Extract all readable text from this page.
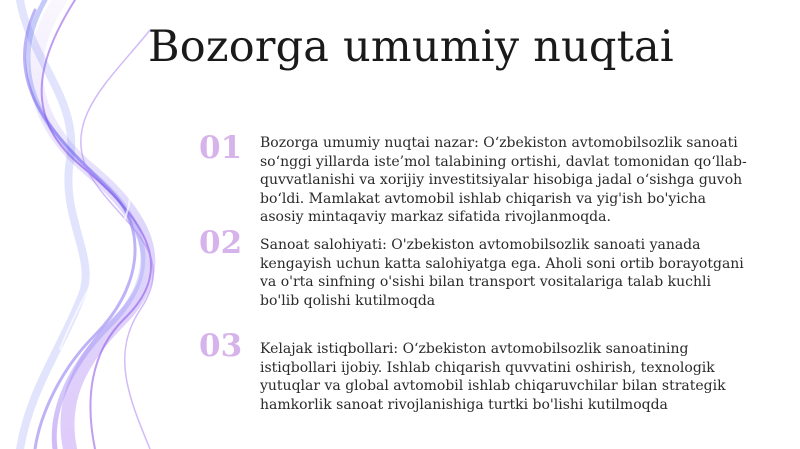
Bozorga umumiy nuqtai
01 Bozorga umumiy nuqtai nazar: O‘zbekiston avtomobilsozlik sanoati so‘nggi yillarda iste’mol talabining ortishi, davlat tomonidan qo‘llab-quvvatlanishi va xorijiy investitsiyalar hisobiga jadal o‘sishga guvoh bo‘ldi. Mamlakat avtomobil ishlab chiqarish va yig'ish bo'yicha asosiy mintaqaviy markaz sifatida rivojlanmoqda.
02 Sanoat salohiyati: O'zbekiston avtomobilsozlik sanoati yanada kengayish uchun katta salohiyatga ega. Aholi soni ortib borayotgani va o'rta sinfning o'sishi bilan transport vositalariga talab kuchli bo'lib qolishi kutilmoqda
03 Kelajak istiqbollari: O‘zbekiston avtomobilsozlik sanoatining istiqbollari ijobiy. Ishlab chiqarish quvvatini oshirish, texnologik yutuqlar va global avtomobil ishlab chiqaruvchilar bilan strategik hamkorlik sanoat rivojlanishiga turtki bo'lishi kutilmoqda
